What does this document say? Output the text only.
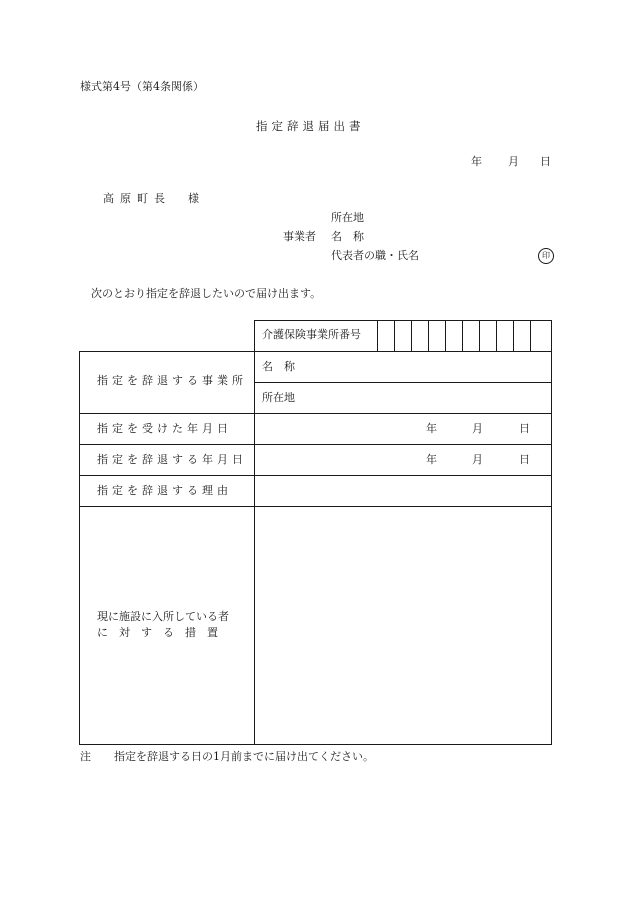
様式第4号（第4条関係）
指定辞退届出書
年 月 日
高原町長　様
所在地
事業者 名　称
代表者の職・氏名	印
次のとおり指定を辞退したいので届け出ます。
介護保険事業所番号
指定を辞退する事業所
名　称
所在地
指定を受けた年月日	年	月	日
指定を辞退する年月日	年	月	日
指定を辞退する理由
現に施設に入所している者
に　対　す　る　措　置
注 指定を辞退する日の1月前までに届け出てください。
